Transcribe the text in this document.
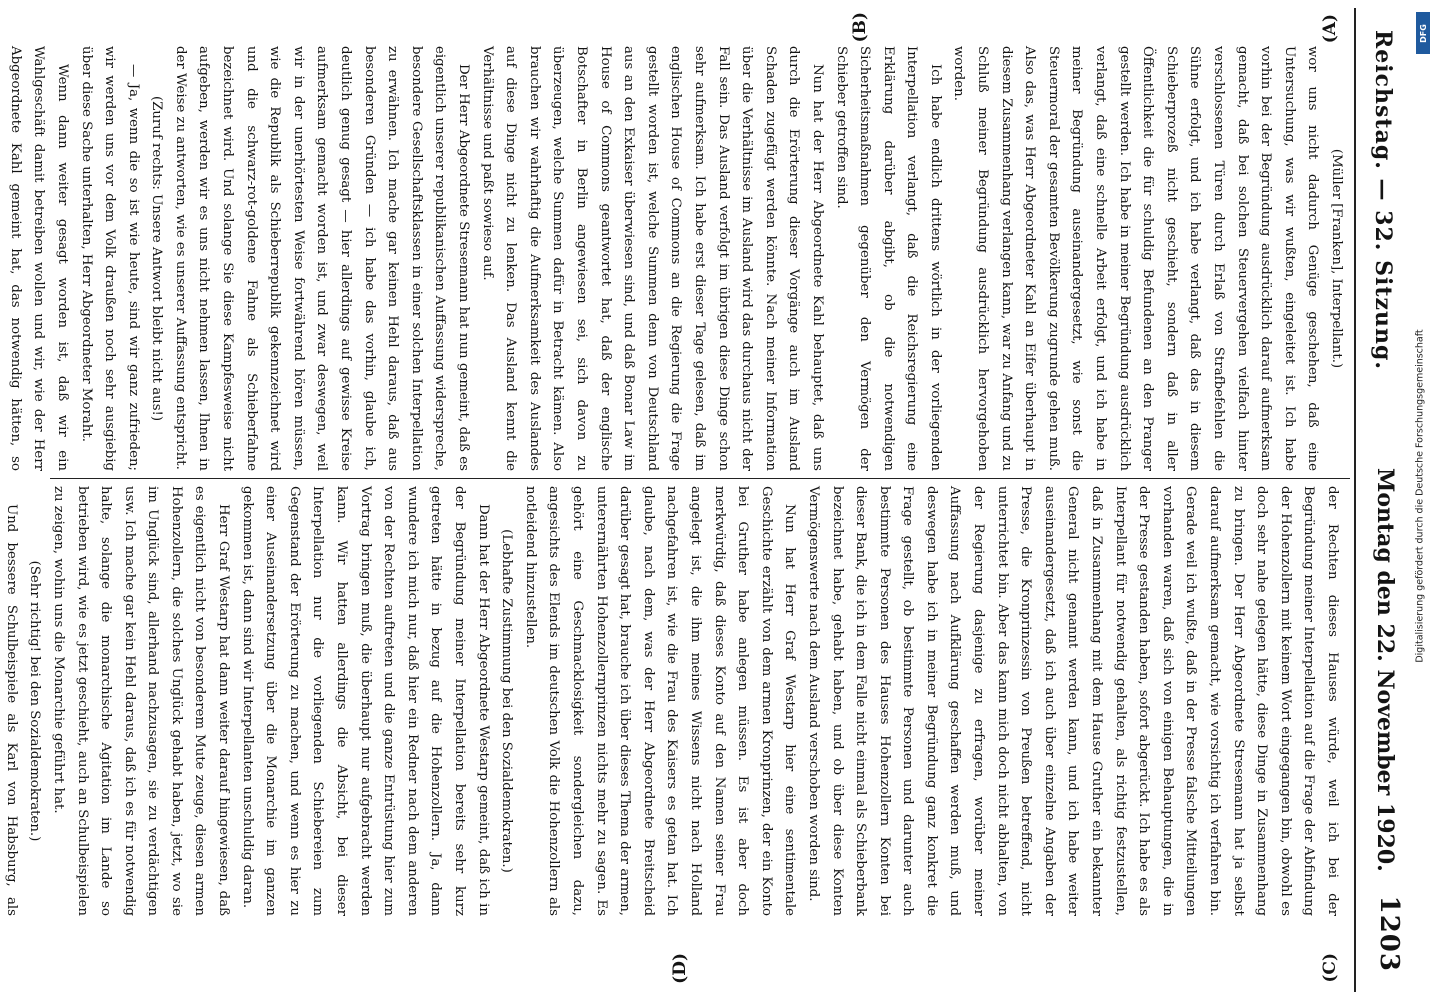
Reichstag. — 32. Sitzung.
Montag den 22. November 1920.
1203
(A)
(B)
(C)
(D)

(Müller [Franken], Interpellant.)

wor uns nicht dadurch Genüge geschehen, daß eine Untersuchung, was wir wußten, eingeleitet ist. Ich habe vorhin bei der Begründung ausdrücklich darauf aufmerksam gemacht, daß bei solchen Steuervergehen vielfach hinter verschlossenen Türen durch Erlaß von Strafbefehlen die Sühne erfolgt, und ich habe verlangt, daß das in diesem Schieberprozeß nicht geschieht, sondern daß in aller Öffentlichkeit die für schuldig Befundenen an den Pranger gestellt werden. Ich habe in meiner Begründung ausdrücklich verlangt, daß eine schnelle Arbeit erfolgt, und ich habe in meiner Begründung auseinandergesetzt, wie sonst die Steuermoral der gesamten Bevölkerung zugrunde gehen muß. Also das, was Herr Abgeordneter Kahl an Eifer überhaupt in diesem Zusammenhang verlangen kann, war zu Anfang und zu Schluß meiner Begründung ausdrücklich hervorgehoben worden.

Ich habe endlich drittens wörtlich in der vorliegenden Interpellation verlangt, daß die Reichsregierung eine Erklärung darüber abgibt, ob die notwendigen Sicherheitsmaßnahmen gegenüber den Vermögen der Schieber getroffen sind.

Nun hat der Herr Abgeordnete Kahl behauptet, daß uns durch die Erörterung dieser Vorgänge auch im Ausland Schaden zugefügt werden könnte. Nach meiner Information über die Verhältnisse im Ausland wird das durchaus nicht der Fall sein. Das Ausland verfolgt im übrigen diese Dinge schon sehr aufmerksam. Ich habe erst dieser Tage gelesen, daß im englischen House of Commons an die Regierung die Frage gestellt worden ist, welche Summen denn von Deutschland aus an den Exkaiser überwiesen sind, und daß Bonar Law im House of Commons geantwortet hat, daß der englische Botschafter in Berlin angewiesen sei, sich davon zu überzeugen, welche Summen dafür in Betracht kämen. Also brauchen wir wahrhaftig die Aufmerksamkeit des Auslandes auf diese Dinge nicht zu lenken. Das Ausland kennt die Verhältnisse und paßt sowieso auf.

Der Herr Abgeordnete Stresemann hat nun gemeint, daß es eigentlich unserer republikanischen Auffassung widerspreche, besondere Gesellschaftsklassen in einer solchen Interpellation zu erwähnen. Ich mache gar keinen Hehl daraus, daß aus besonderen Gründen — ich habe das vorhin, glaube ich, deutlich genug gesagt — hier allerdings auf gewisse Kreise aufmerksam gemacht worden ist, und zwar deswegen, weil wir in der unerhörtesten Weise fortwährend hören müssen, wie die Republik als Schieberrepublik gekennzeichnet wird und die schwarz-rot-goldene Fahne als Schieberfahne bezeichnet wird. Und solange Sie diese Kampfesweise nicht aufgeben, werden wir es uns nicht nehmen lassen, Ihnen in der Weise zu antworten, wie es unserer Auffassung entspricht.

(Zuruf rechts: Unsere Antwort bleibt nicht aus!)

— Ja, wenn die so ist wie heute, sind wir ganz zufrieden; wir werden uns vor dem Volk draußen noch sehr ausgiebig über diese Sache unterhalten, Herr Abgeordneter Moraht.

Wenn dann weiter gesagt worden ist, daß wir ein Wahlgeschäft damit betreiben wollen und wir, wie der Herr Abgeordnete Kahl gemeint hat, das notwendig hätten, so

der Rechten dieses Hauses würde, weil ich bei der Begründung meiner Interpellation auf die Frage der Abfindung der Hohenzollern mit keinem Wort eingegangen bin, obwohl es doch sehr nahe gelegen hätte, diese Dinge in Zusammenhang zu bringen. Der Herr Abgeordnete Stresemann hat ja selbst darauf aufmerksam gemacht, wie vorsichtig ich verfahren bin. Gerade weil ich wußte, daß in der Presse falsche Mitteilungen vorhanden waren, daß sich von einigen Behauptungen, die in der Presse gestanden haben, sofort abgerückt. Ich habe es als Interpellant für notwendig gehalten, als richtig festzustellen, daß in Zusammenhang mit dem Hause Gruther ein bekannter General nicht genannt werden kann, und ich habe weiter auseinandergesetzt, daß ich auch über einzelne Angaben der Presse, die Kronprinzessin von Preußen betreffend, nicht unterrichtet bin. Aber das kann mich doch nicht abhalten, von der Regierung dasjenige zu erfragen, worüber meiner Auffassung nach Aufklärung geschaffen werden muß, und deswegen habe ich in meiner Begründung ganz konkret die Frage gestellt, ob bestimmte Personen und darunter auch bestimmte Personen des Hauses Hohenzollern Konten bei dieser Bank, die ich in dem Falle nicht einmal als Schieberbank bezeichnet habe, gehabt haben, und ob über diese Konten Vermögenswerte nach dem Ausland verschoben worden sind.

Nun hat Herr Graf Westarp hier eine sentimentale Geschichte erzählt von dem armen Kronprinzen, der ein Konto bei Gruther habe anlegen müssen. Es ist aber doch merkwürdig, daß dieses Konto auf den Namen seiner Frau angelegt ist, die ihm meines Wissens nicht nach Holland nachgefahren ist, wie die Frau des Kaisers es getan hat. Ich glaube, nach dem, was der Herr Abgeordnete Breitscheid darüber gesagt hat, brauche ich über dieses Thema der armen, unterernährten Hohenzollernprinzen nichts mehr zu sagen. Es gehört eine Geschmacklosigkeit sondergleichen dazu, angesichts des Elends im deutschen Volk die Hohenzollern als notleidend hinzustellen.

(Lebhafte Zustimmung bei den Sozialdemokraten.)

Dann hat der Herr Abgeordnete Westarp gemeint, daß ich in der Begründung meiner Interpellation bereits sehr kurz getreten hätte in bezug auf die Hohenzollern. Ja, dann wundere ich mich nur, daß hier ein Redner nach dem anderen von der Rechten auftreten und die ganze Entrüstung hier zum Vortrag bringen muß, die überhaupt nur aufgebracht werden kann. Wir hatten allerdings die Absicht, bei dieser Interpellation nur die vorliegenden Schiebereien zum Gegenstand der Erörterung zu machen, und wenn es hier zu einer Auseinandersetzung über die Monarchie im ganzen gekommen ist, dann sind wir Interpellanten unschuldig daran.

Herr Graf Westarp hat dann weiter darauf hingewiesen, daß es eigentlich nicht von besonderem Mute zeuge, diesen armen Hohenzollern, die solches Unglück gehabt haben, jetzt, wo sie im Unglück sind, allerhand nachzusagen, sie zu verdächtigen usw. Ich mache gar kein Hehl daraus, daß ich es für notwendig halte, solange die monarchische Agitation im Lande so betrieben wird, wie es jetzt geschieht, auch an Schulbeispielen zu zeigen, wohin uns die Monarchie geführt hat.

(Sehr richtig! bei den Sozialdemokraten.)

Und bessere Schulbeispiele als Karl von Habsburg, als

Digitalisierung gefördert durch die Deutsche Forschungsgemeinschaft
DFG
